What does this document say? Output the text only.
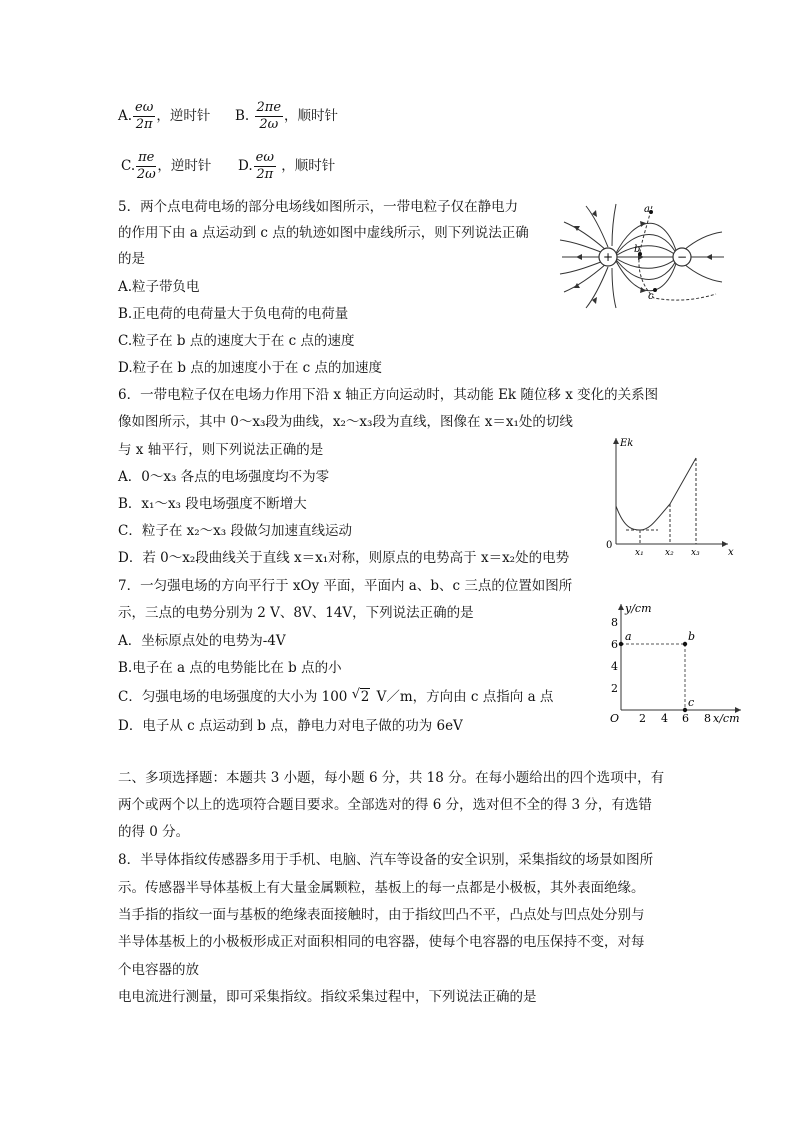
A. $\frac{e\omega}{2\pi}$ ，逆时针 B. $\frac{2\pi e}{2\omega}$ ，顺时针
C. $\frac{\pi e}{2\omega}$ ，逆时针 D. $\frac{e\omega}{2\pi}$ ，顺时针
5．两个点电荷电场的部分电场线如图所示，一带电粒子仅在静电力
的作用下由 a 点运动到 c 点的轨迹如图中虚线所示，则下列说法正确
的是
A.粒子带负电
B.正电荷的电荷量大于负电荷的电荷量
C.粒子在 b 点的速度大于在 c 点的速度
D.粒子在 b 点的加速度小于在 c 点的加速度
+	−
a
b
c
6．一带电粒子仅在电场力作用下沿 x 轴正方向运动时，其动能 Ek 随位移 x 变化的关系图
像如图所示，其中 0～x₃段为曲线，x₂～x₃段为直线，图像在 x＝x₁处的切线
与 x 轴平行，则下列说法正确的是
A．0～x₃ 各点的电场强度均不为零
B．x₁～x₃ 段电场强度不断增大
C．粒子在 x₂～x₃ 段做匀加速直线运动
D．若 0～x₂段曲线关于直线 x＝x₁对称，则原点的电势高于 x＝x₂处的电势
Ek
0
x₁ x₂ x₃	x
7．一匀强电场的方向平行于 xOy 平面，平面内 a、b、c 三点的位置如图所
示，三点的电势分别为 2 V、8V、14V，下列说法正确的是
A．坐标原点处的电势为-4V
B.电子在 a 点的电势能比在 b 点的小
C．匀强电场的电场强度的大小为 100 √ 2 V／m，方向由 c 点指向 a 点
D．电子从 c 点运动到 b 点，静电力对电子做的功为 6eV
8
6
4
2
2 4 6 8
O
y/cm
x/cm
a	b
c
二、多项选择题：本题共 3 小题，每小题 6 分，共 18 分。在每小题给出的四个选项中，有
两个或两个以上的选项符合题目要求。全部选对的得 6 分，选对但不全的得 3 分，有选错
的得 0 分。
8．半导体指纹传感器多用于手机、电脑、汽车等设备的安全识别，采集指纹的场景如图所
示。传感器半导体基板上有大量金属颗粒，基板上的每一点都是小极板，其外表面绝缘。
当手指的指纹一面与基板的绝缘表面接触时，由于指纹凹凸不平，凸点处与凹点处分别与
半导体基板上的小极板形成正对面积相同的电容器，使每个电容器的电压保持不变，对每
个电容器的放
电电流进行测量，即可采集指纹。指纹采集过程中，下列说法正确的是
